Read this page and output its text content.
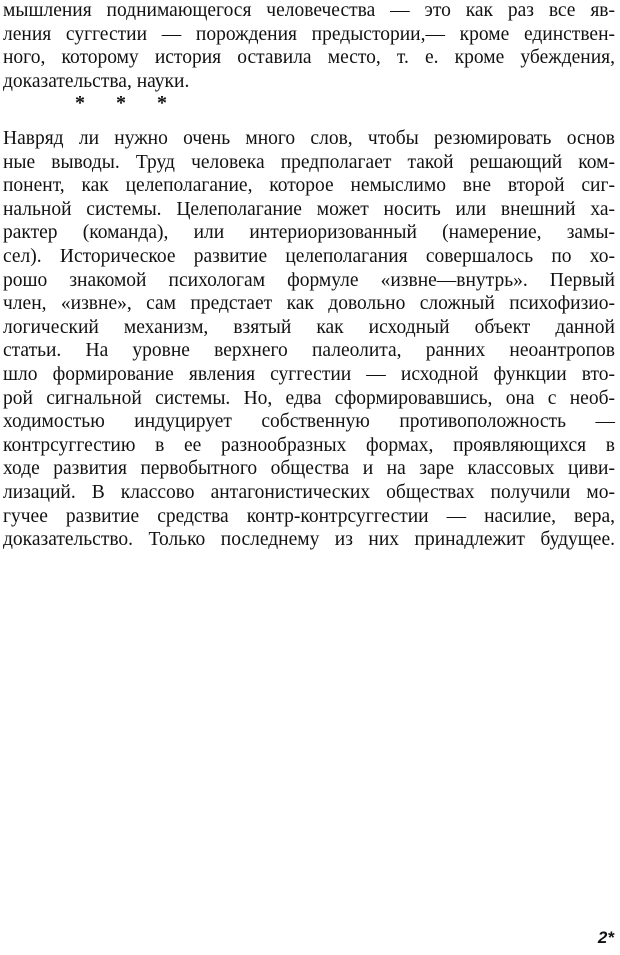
мышления поднимающегося человечества — это как раз все яв-
ления суггестии — порождения предыстории,— кроме единствен-
ного, которому история оставила место, т. е. кроме убеждения,
доказательства, науки.
* * *
Навряд ли нужно очень много слов, чтобы резюмировать основ
ные выводы. Труд человека предполагает такой решающий ком-
понент, как целеполагание, которое немыслимо вне второй сиг-
нальной системы. Целеполагание может носить или внешний ха-
рактер (команда), или интериоризованный (намерение, замы-
сел). Историческое развитие целеполагания совершалось по хо-
рошо знакомой психологам формуле «извне—внутрь». Первый
член, «извне», сам предстает как довольно сложный психофизио-
логический механизм, взятый как исходный объект данной
статьи. На уровне верхнего палеолита, ранних неоантропов
шло формирование явления суггестии — исходной функции вто-
рой сигнальной системы. Но, едва сформировавшись, она с необ-
ходимостью индуцирует собственную противоположность —
контрсуггестию в ее разнообразных формах, проявляющихся в
ходе развития первобытного общества и на заре классовых циви-
лизаций. В классово антагонистических обществах получили мо-
гучее развитие средства контр-контрсуггестии — насилие, вера,
доказательство. Только последнему из них принадлежит будущее.
2*
